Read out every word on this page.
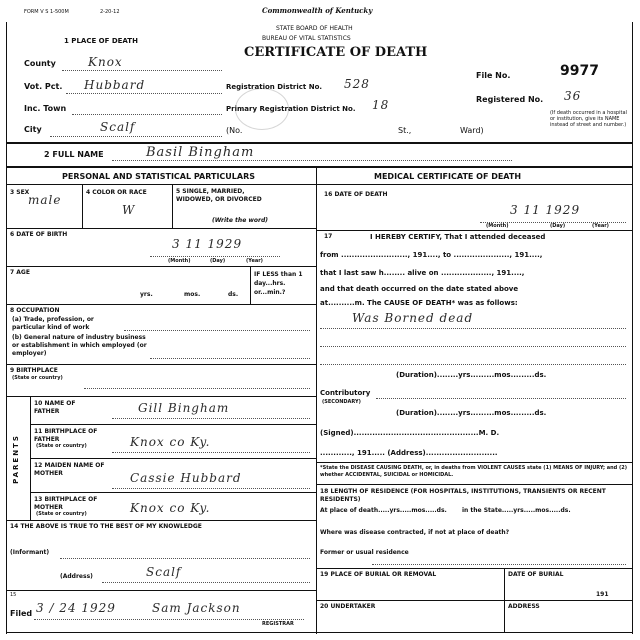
FORM V S 1-500M	2-20-12	Commonwealth of Kentucky
STATE BOARD OF HEALTH
BUREAU OF VITAL STATISTICS
CERTIFICATE OF DEATH
1 PLACE OF DEATH
County	Knox
Vot. Pct. Hubbard	Registration District No. 528
Inc. Town	Primary Registration District No. 18
City	Scalf	(No.	St.,	Ward)
File No.	9977
Registered No. 36
(If death occurred in a hospital or institution, give its NAME instead of street and number.)
2 FULL NAME	Basil Bingham
PERSONAL AND STATISTICAL PARTICULARS	MEDICAL CERTIFICATE OF DEATH
3 SEX
male
4 COLOR OR RACE
W
5 SINGLE, MARRIED, WIDOWED, OR DIVORCED
(Write the word)
6 DATE OF BIRTH
3 11 1929
(Month)	(Day)	(Year)
7 AGE
yrs.	mos.	ds.
IF LESS than 1 day...hrs. or...min.?
8 OCCUPATION
(a) Trade, profession, or particular kind of work
(b) General nature of industry business or establishment in which employed (or employer)
9 BIRTHPLACE
(State or country)
PARENTS
10 NAME OF FATHER	Gill Bingham
11 BIRTHPLACE OF FATHER
(State or country)	Knox co Ky.
12 MAIDEN NAME OF MOTHER	Cassie Hubbard
13 BIRTHPLACE OF MOTHER
(State or country)	Knox co Ky.
14 THE ABOVE IS TRUE TO THE BEST OF MY KNOWLEDGE
(Informant)
(Address)	Scalf
15
Filed 3 / 24 1929	Sam Jackson
REGISTRAR
16 DATE OF DEATH
3 11 1929
(Month)	(Day)	(Year)
17	I HEREBY CERTIFY, That I attended deceased
from ........................., 191...., to ....................., 191....,
that I last saw h........ alive on ..................., 191....,
and that death occurred on the date stated above
at..........m. The CAUSE OF DEATH* was as follows:
Was Borned dead
(Duration)........yrs.........mos.........ds.
Contributory
(SECONDARY)
(Duration)........yrs.........mos.........ds.
(Signed)...............................................M. D.
............, 191..... (Address)...........................
*State the DISEASE CAUSING DEATH, or, in deaths from VIOLENT CAUSES state (1) MEANS OF INJURY; and (2) whether ACCIDENTAL, SUICIDAL or HOMICIDAL.
18 LENGTH OF RESIDENCE (FOR HOSPITALS, INSTITUTIONS, TRANSIENTS OR RECENT RESIDENTS)
At place of death.....yrs.....mos.....ds.	in the State.....yrs.....mos.....ds.
Where was disease contracted, if not at place of death?
Former or usual residence
19 PLACE OF BURIAL OR REMOVAL	DATE OF BURIAL
191
20 UNDERTAKER	ADDRESS
